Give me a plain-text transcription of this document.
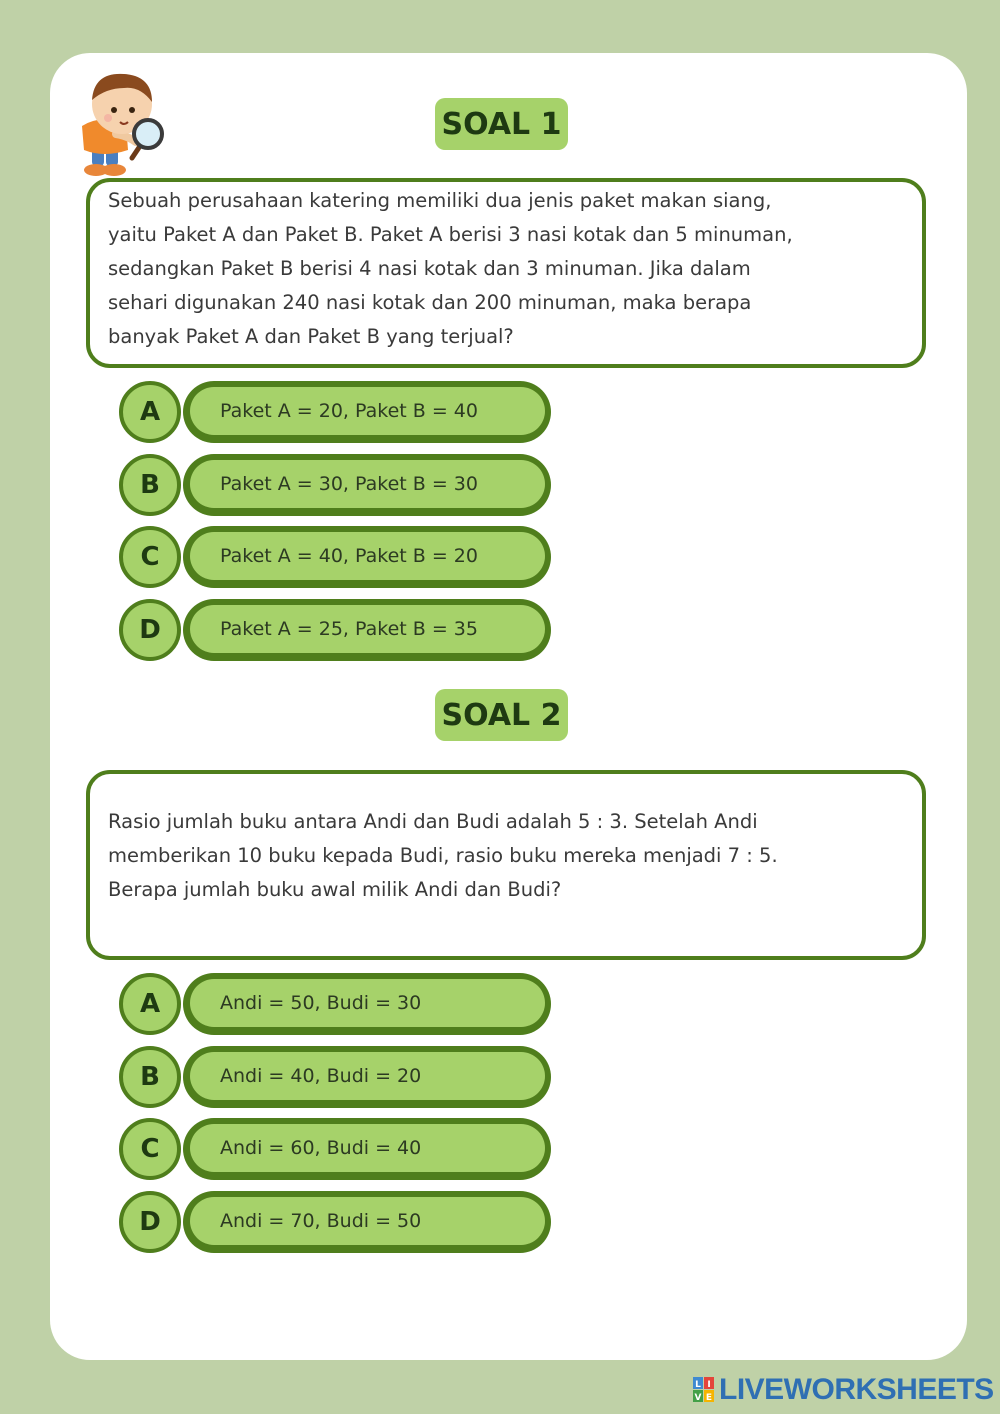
SOAL 1

Sebuah perusahaan katering memiliki dua jenis paket makan siang,

yaitu Paket A dan Paket B. Paket A berisi 3 nasi kotak dan 5 minuman,

sedangkan Paket B berisi 4 nasi kotak dan 3 minuman. Jika dalam

sehari digunakan 240 nasi kotak dan 200 minuman, maka berapa

banyak Paket A dan Paket B yang terjual?

A	Paket A = 20, Paket B = 40
B	Paket A = 30, Paket B = 30
C	Paket A = 40, Paket B = 20
D	Paket A = 25, Paket B = 35
SOAL 2

Rasio jumlah buku antara Andi dan Budi adalah 5 : 3. Setelah Andi

memberikan 10 buku kepada Budi, rasio buku mereka menjadi 7 : 5.

Berapa jumlah buku awal milik Andi dan Budi?

A	Andi = 50, Budi = 30
B	Andi = 40, Budi = 20
C	Andi = 60, Budi = 40
D	Andi = 70, Budi = 50
L I
V E LIVEWORKSHEETS
